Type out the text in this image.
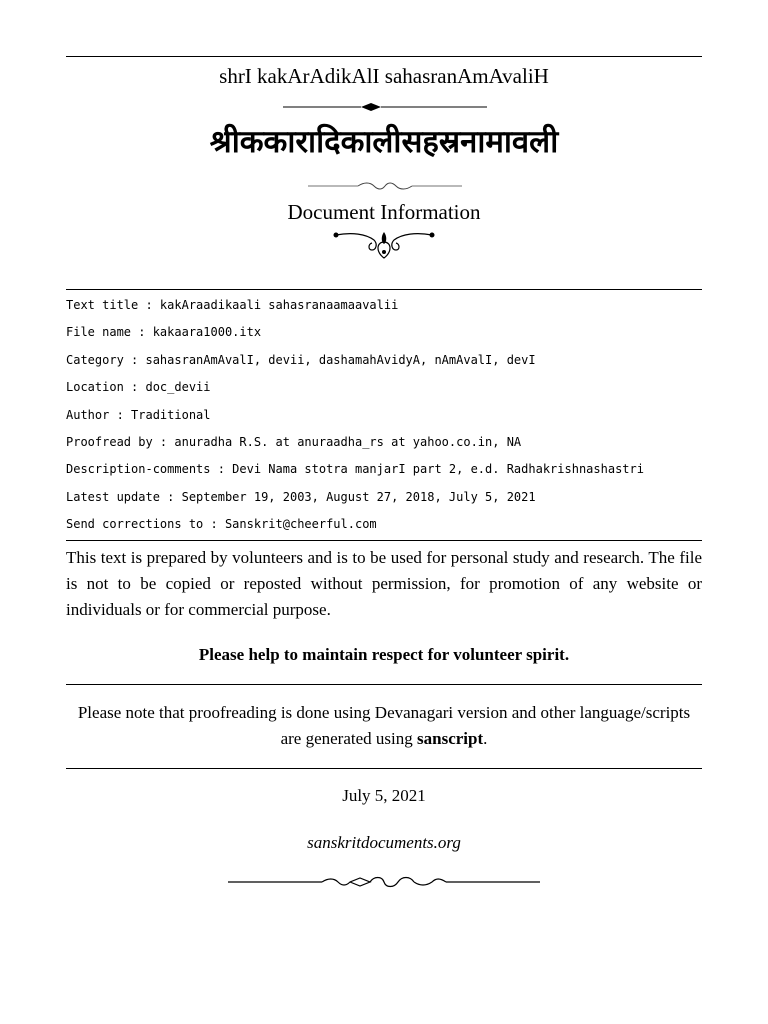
shrI kakArAdikAlI sahasranAmAvaliH
श्रीककारादिकालीसहस्रनामावली
Document Information
Text title : kakAraadikaali sahasranaamaavalii
File name : kakaara1000.itx
Category : sahasranAmAvalI, devii, dashamahAvidyA, nAmAvalI, devI
Location : doc_devii
Author : Traditional
Proofread by : anuradha R.S. at anuraadha_rs at yahoo.co.in, NA
Description-comments : Devi Nama stotra manjarI part 2, e.d. Radhakrishnashastri
Latest update : September 19, 2003, August 27, 2018, July 5, 2021
Send corrections to : Sanskrit@cheerful.com
This text is prepared by volunteers and is to be used for personal study and research. The file is not to be copied or reposted without permission, for promotion of any website or individuals or for commercial purpose.
Please help to maintain respect for volunteer spirit.
Please note that proofreading is done using Devanagari version and other language/scripts are generated using sanscript.
July 5, 2021
sanskritdocuments.org
